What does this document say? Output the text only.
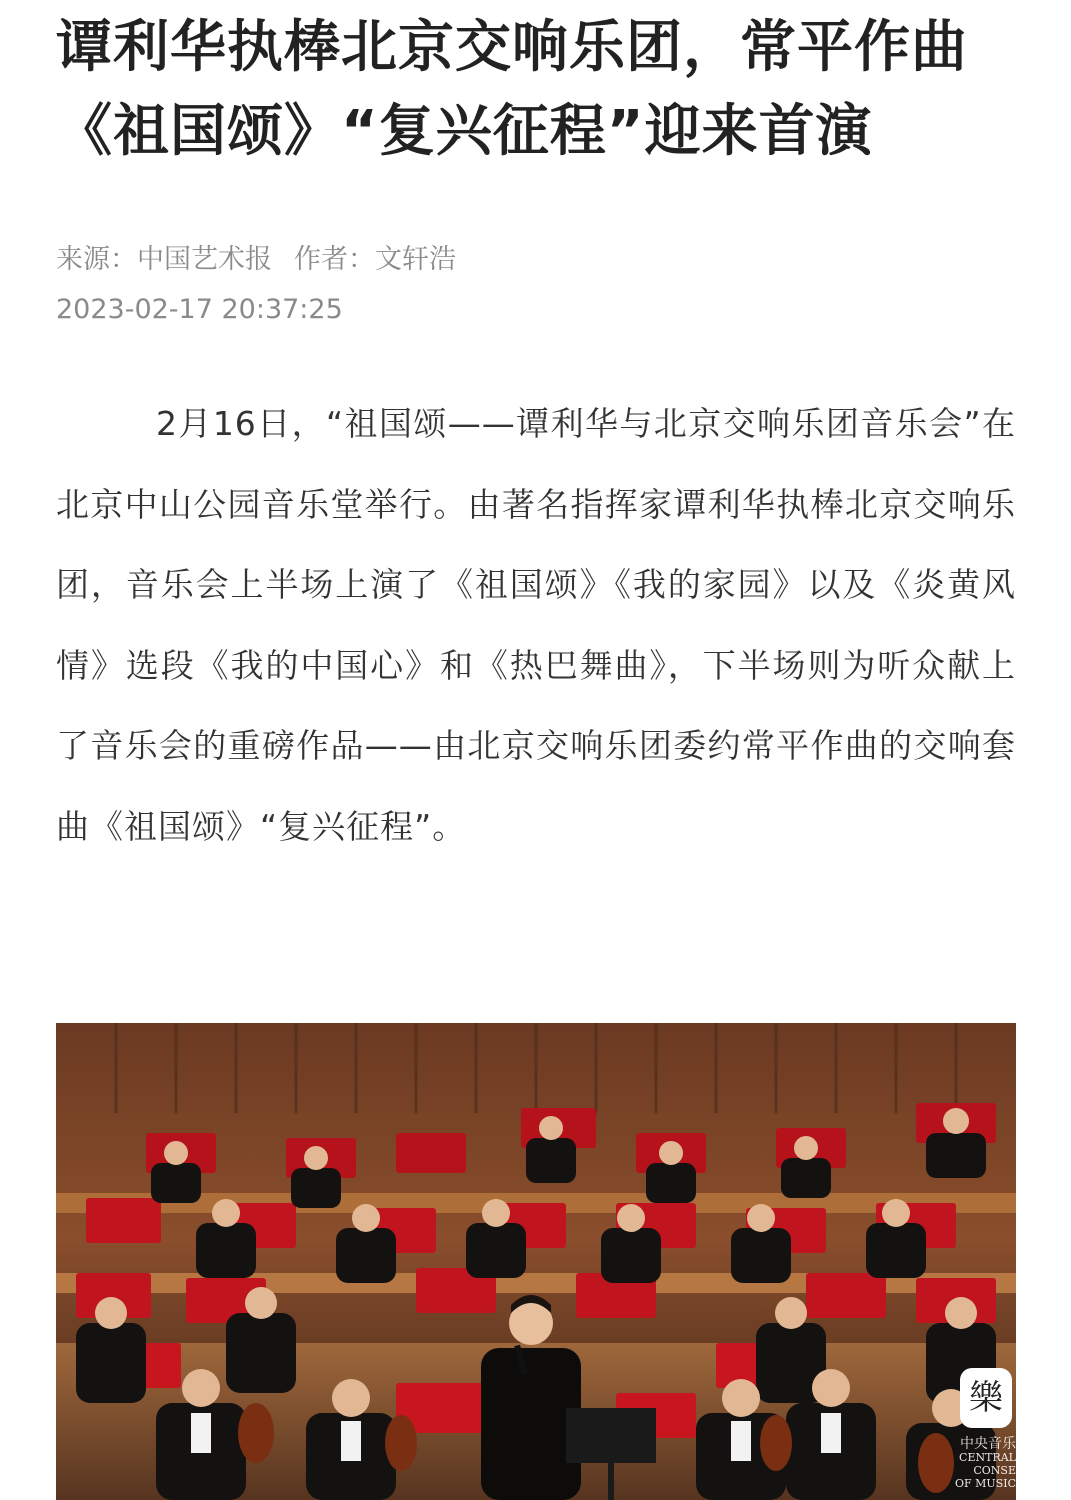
谭利华执棒北京交响乐团，常平作曲《祖国颂》“复兴征程”迎来首演
来源：中国艺术报 作者：文轩浩
2023-02-17 20:37:25

2月16日，“祖国颂——谭利华与北京交响乐团音乐会”在北京中山公园音乐堂举行。由著名指挥家谭利华执棒北京交响乐团，音乐会上半场上演了《祖国颂》《我的家园》以及《炎黄风情》选段《我的中国心》和《热巴舞曲》，下半场则为听众献上了音乐会的重磅作品——由北京交响乐团委约常平作曲的交响套曲《祖国颂》“复兴征程”。

樂
中央音乐
CENTRAL CONSE
OF MUSIC
